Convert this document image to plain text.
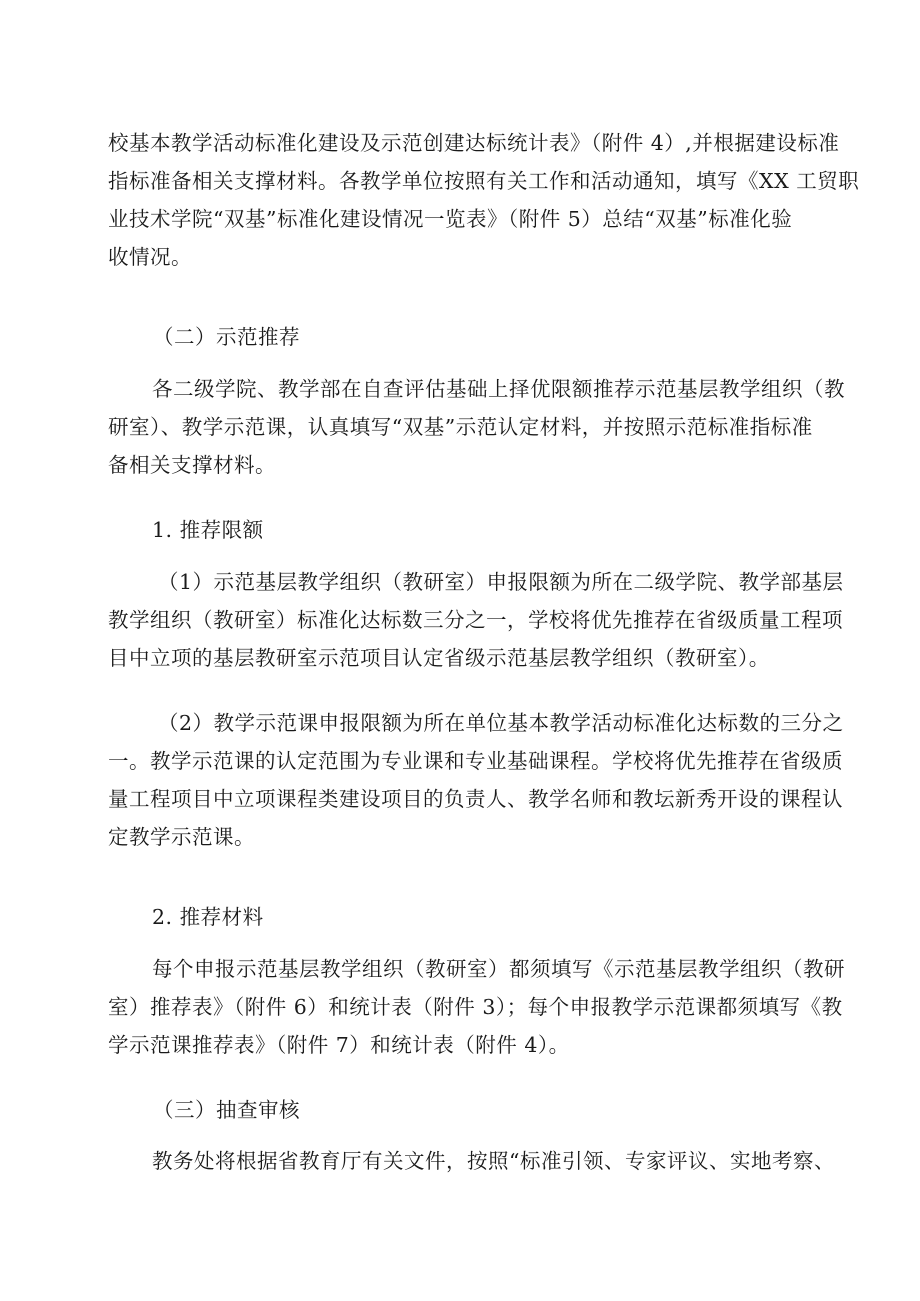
校基本教学活动标准化建设及示范创建达标统计表》（附件 4）,并根据建设标准
指标准备相关支撑材料。各教学单位按照有关工作和活动通知，填写《XX 工贸职
业技术学院“双基”标准化建设情况一览表》（附件 5）总结“双基”标准化验
收情况。
（二）示范推荐
各二级学院、教学部在自查评估基础上择优限额推荐示范基层教学组织（教
研室）、教学示范课，认真填写“双基”示范认定材料，并按照示范标准指标准
备相关支撑材料。
1. 推荐限额
（1）示范基层教学组织（教研室）申报限额为所在二级学院、教学部基层
教学组织（教研室）标准化达标数三分之一，学校将优先推荐在省级质量工程项
目中立项的基层教研室示范项目认定省级示范基层教学组织（教研室）。
（2）教学示范课申报限额为所在单位基本教学活动标准化达标数的三分之
一。教学示范课的认定范围为专业课和专业基础课程。学校将优先推荐在省级质
量工程项目中立项课程类建设项目的负责人、教学名师和教坛新秀开设的课程认
定教学示范课。
2. 推荐材料
每个申报示范基层教学组织（教研室）都须填写《示范基层教学组织（教研
室）推荐表》（附件 6）和统计表（附件 3）；每个申报教学示范课都须填写《教
学示范课推荐表》（附件 7）和统计表（附件 4）。
（三）抽查审核
教务处将根据省教育厅有关文件，按照“标准引领、专家评议、实地考察、
